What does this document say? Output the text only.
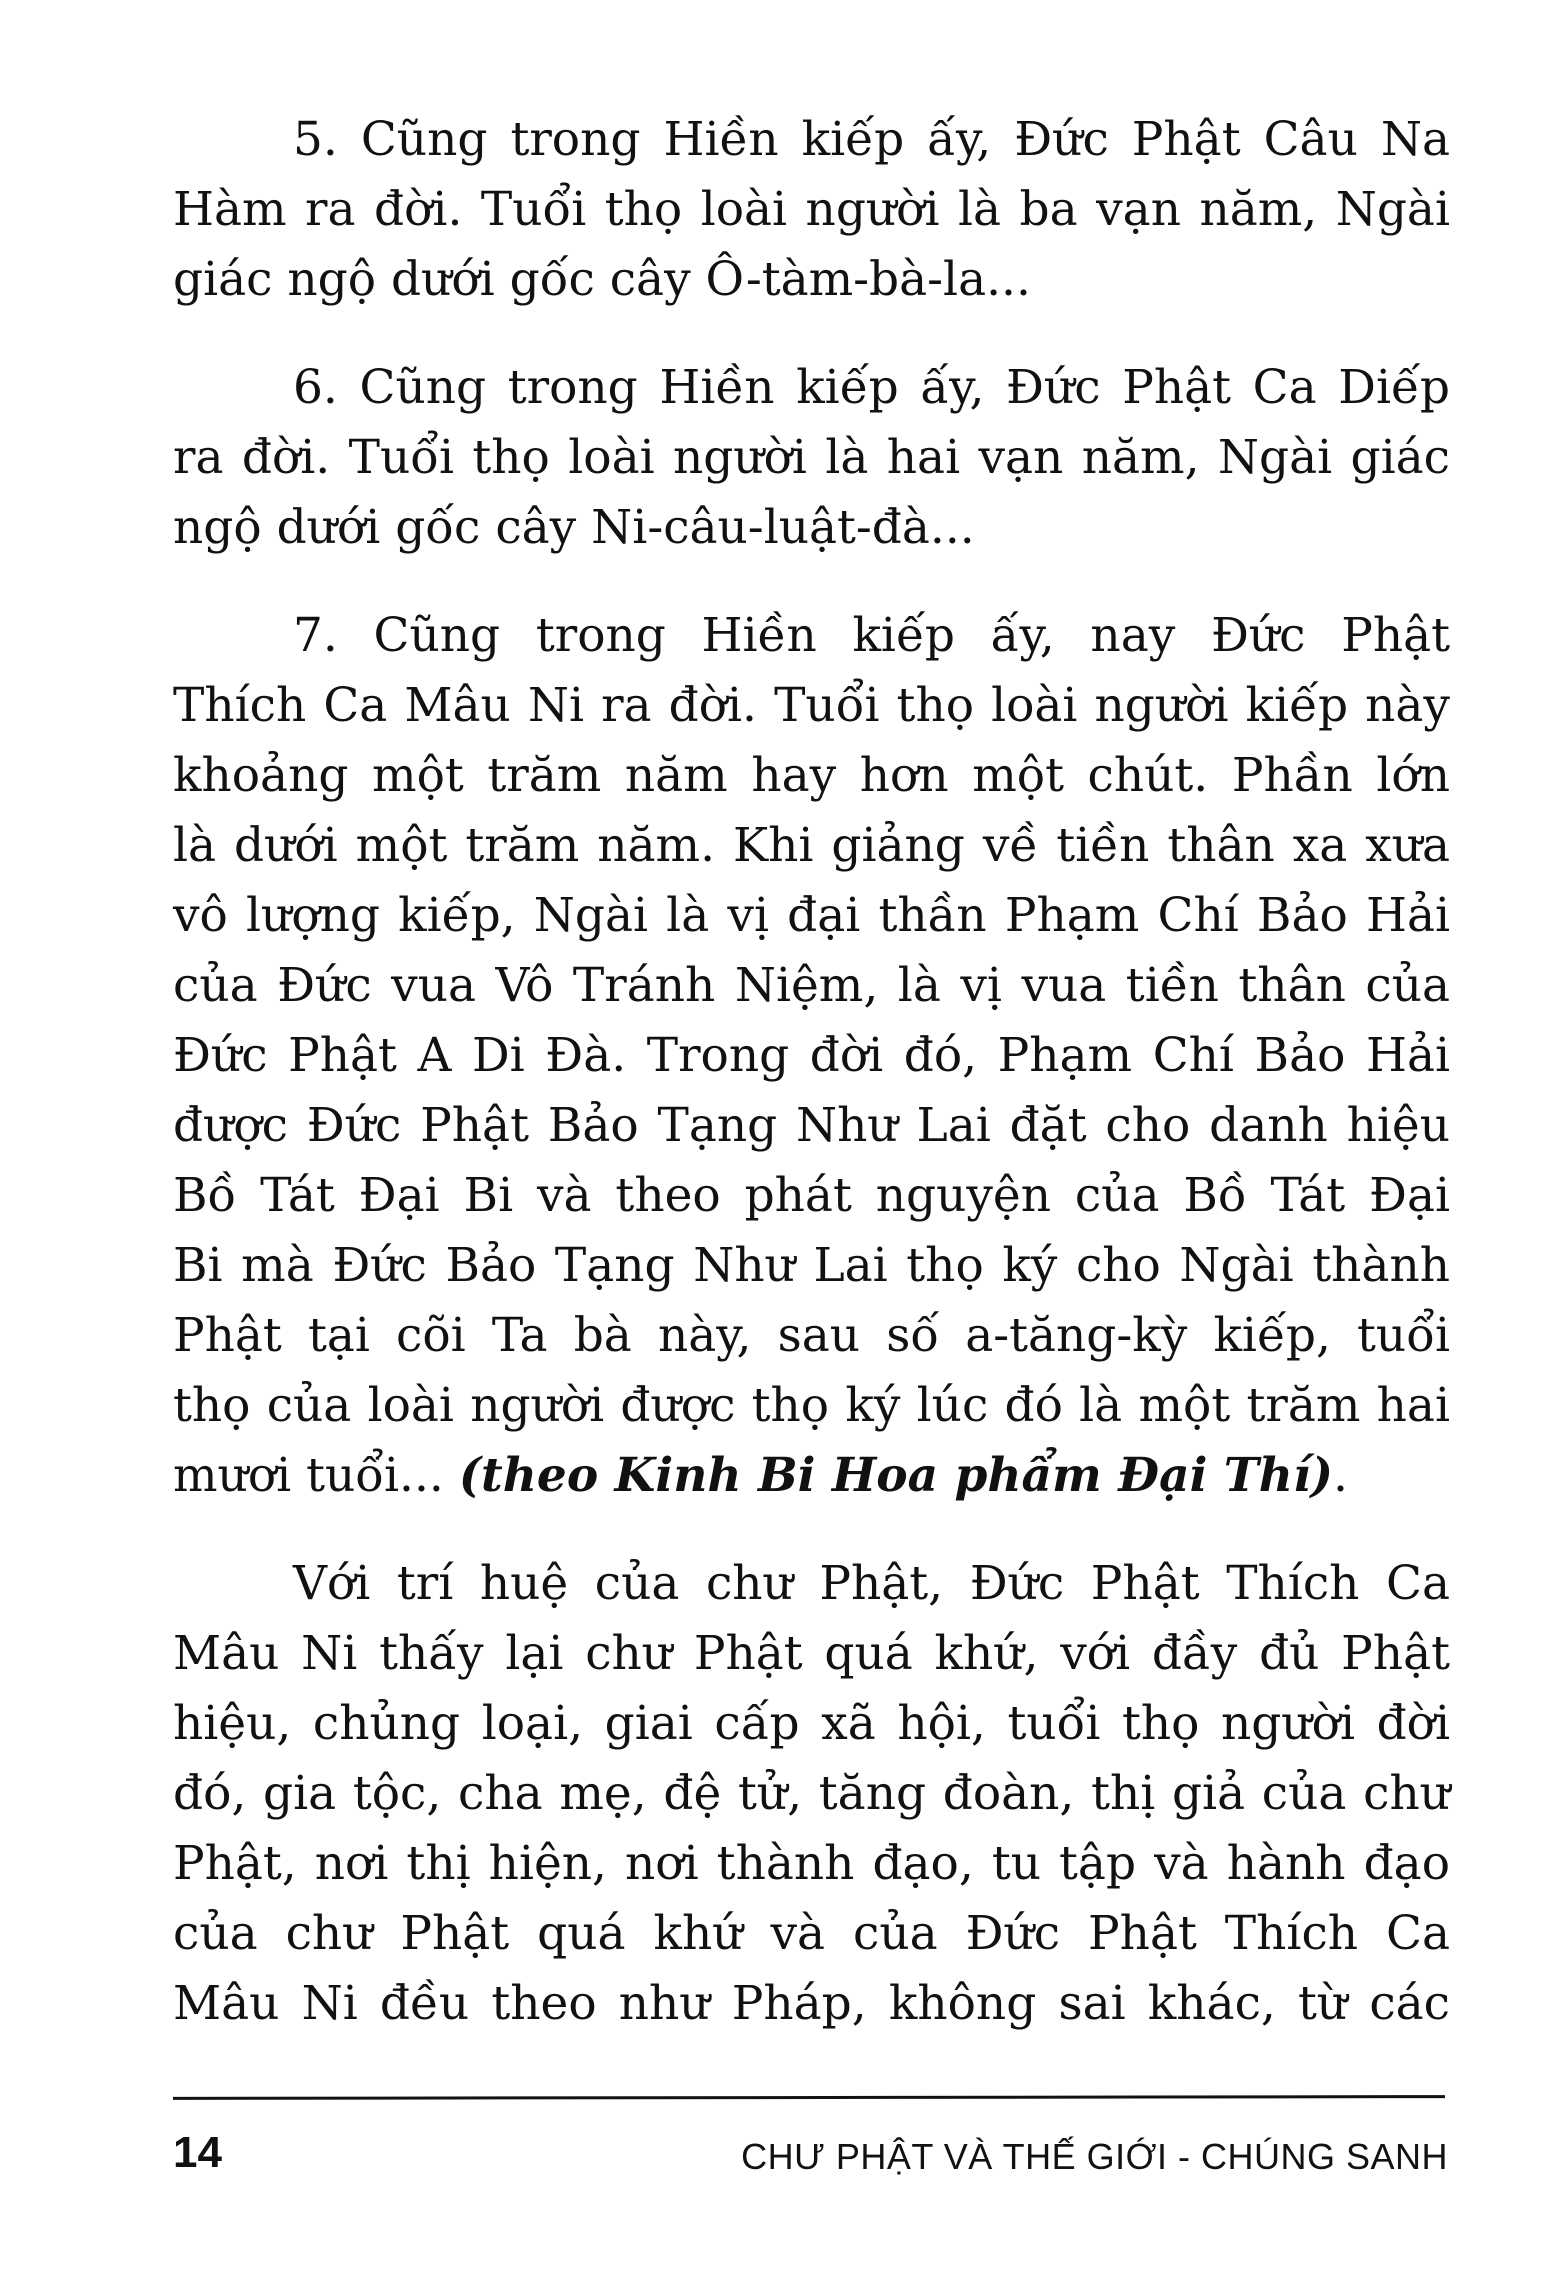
5. Cũng trong Hiền kiếp ấy, Đức Phật Câu Na
Hàm ra đời. Tuổi thọ loài người là ba vạn năm, Ngài
giác ngộ dưới gốc cây Ô-tàm-bà-la...
6. Cũng trong Hiền kiếp ấy, Đức Phật Ca Diếp
ra đời. Tuổi thọ loài người là hai vạn năm, Ngài giác
ngộ dưới gốc cây Ni-câu-luật-đà...
7. Cũng trong Hiền kiếp ấy, nay Đức Phật
Thích Ca Mâu Ni ra đời. Tuổi thọ loài người kiếp này
khoảng một trăm năm hay hơn một chút. Phần lớn
là dưới một trăm năm. Khi giảng về tiền thân xa xưa
vô lượng kiếp, Ngài là vị đại thần Phạm Chí Bảo Hải
của Đức vua Vô Tránh Niệm, là vị vua tiền thân của
Đức Phật A Di Đà. Trong đời đó, Phạm Chí Bảo Hải
được Đức Phật Bảo Tạng Như Lai đặt cho danh hiệu
Bồ Tát Đại Bi và theo phát nguyện của Bồ Tát Đại
Bi mà Đức Bảo Tạng Như Lai thọ ký cho Ngài thành
Phật tại cõi Ta bà này, sau số a-tăng-kỳ kiếp, tuổi
thọ của loài người được thọ ký lúc đó là một trăm hai
mươi tuổi... (theo Kinh Bi Hoa phẩm Đại Thí).
Với trí huệ của chư Phật, Đức Phật Thích Ca
Mâu Ni thấy lại chư Phật quá khứ, với đầy đủ Phật
hiệu, chủng loại, giai cấp xã hội, tuổi thọ người đời
đó, gia tộc, cha mẹ, đệ tử, tăng đoàn, thị giả của chư
Phật, nơi thị hiện, nơi thành đạo, tu tập và hành đạo
của chư Phật quá khứ và của Đức Phật Thích Ca
Mâu Ni đều theo như Pháp, không sai khác, từ các
14	CHƯ PHẬT VÀ THẾ GIỚI - CHÚNG SANH
